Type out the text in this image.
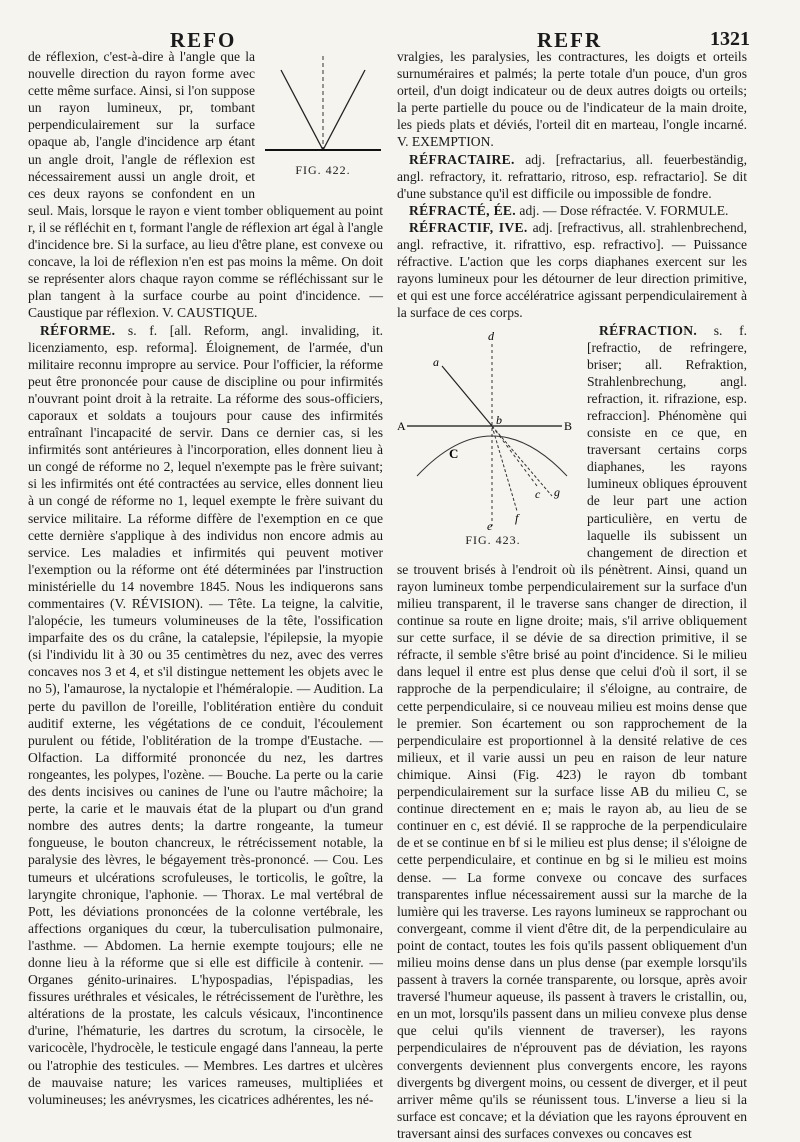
REFO	REFR	1321
FIG. 422.

de réflexion, c'est-à-dire à l'angle que la nouvelle direction du rayon forme avec cette même surface. Ainsi, si l'on suppose un rayon lumineux, pr, tombant perpendiculairement sur la surface opaque ab, l'angle d'incidence arp étant un angle droit, l'angle de réflexion est nécessairement aussi un angle droit, et ces deux rayons se confondent en un seul. Mais, lorsque le rayon e vient tomber obliquement au point r, il se réfléchit en t, formant l'angle de réflexion art égal à l'angle d'incidence bre. Si la surface, au lieu d'être plane, est convexe ou concave, la loi de réflexion n'en est pas moins la même. On doit se représenter alors chaque rayon comme se réfléchissant sur le plan tangent à la surface courbe au point d'incidence. — Caustique par réflexion. V. CAUSTIQUE.

RÉFORME. s. f. [all. Reform, angl. invaliding, it. licenziamento, esp. reforma]. Éloignement, de l'armée, d'un militaire reconnu impropre au service. Pour l'officier, la réforme peut être prononcée pour cause de discipline ou pour infirmités n'ouvrant point droit à la retraite. La réforme des sous-officiers, caporaux et soldats a toujours pour cause des infirmités entraînant l'incapacité de servir. Dans ce dernier cas, si les infirmités sont antérieures à l'incorporation, elles donnent lieu à un congé de réforme no 2, lequel n'exempte pas le frère suivant; si les infirmités ont été contractées au service, elles donnent lieu à un congé de réforme no 1, lequel exempte le frère suivant du service militaire. La réforme diffère de l'exemption en ce que cette dernière s'applique à des individus non encore admis au service. Les maladies et infirmités qui peuvent motiver l'exemption ou la réforme ont été déterminées par l'instruction ministérielle du 14 novembre 1845. Nous les indiquerons sans commentaires (V. RÉVISION). — Tête. La teigne, la calvitie, l'alopécie, les tumeurs volumineuses de la tête, l'ossification imparfaite des os du crâne, la catalepsie, l'épilepsie, la myopie (si l'individu lit à 30 ou 35 centimètres du nez, avec des verres concaves nos 3 et 4, et s'il distingue nettement les objets avec le no 5), l'amaurose, la nyctalopie et l'héméralopie. — Audition. La perte du pavillon de l'oreille, l'oblitération entière du conduit auditif externe, les végétations de ce conduit, l'écoulement purulent ou fétide, l'oblitération de la trompe d'Eustache. — Olfaction. La difformité prononcée du nez, les dartres rongeantes, les polypes, l'ozène. — Bouche. La perte ou la carie des dents incisives ou canines de l'une ou l'autre mâchoire; la perte, la carie et le mauvais état de la plupart ou d'un grand nombre des autres dents; la dartre rongeante, la tumeur fongueuse, le bouton chancreux, le rétrécissement notable, la paralysie des lèvres, le bégayement très-prononcé. — Cou. Les tumeurs et ulcérations scrofuleuses, le torticolis, le goître, la laryngite chronique, l'aphonie. — Thorax. Le mal vertébral de Pott, les déviations prononcées de la colonne vertébrale, les affections organiques du cœur, la tuberculisation pulmonaire, l'asthme. — Abdomen. La hernie exempte toujours; elle ne donne lieu à la réforme que si elle est difficile à contenir. — Organes génito-urinaires. L'hypospadias, l'épispadias, les fissures uréthrales et vésicales, le rétrécissement de l'urèthre, les altérations de la prostate, les calculs vésicaux, l'incontinence d'urine, l'hématurie, les dartres du scrotum, la cirsocèle, le varicocèle, l'hydrocèle, le testicule engagé dans l'anneau, la perte ou l'atrophie des testicules. — Membres. Les dartres et ulcères de mauvaise nature; les varices rameuses, multipliées et volumineuses; les anévrysmes, les cicatrices adhérentes, les né-

vralgies, les paralysies, les contractures, les doigts et orteils surnuméraires et palmés; la perte totale d'un pouce, d'un gros orteil, d'un doigt indicateur ou de deux autres doigts ou orteils; la perte partielle du pouce ou de l'indicateur de la main droite, les pieds plats et déviés, l'orteil dit en marteau, l'ongle incarné. V. EXEMPTION.

RÉFRACTAIRE. adj. [refractarius, all. feuerbeständig, angl. refractory, it. refrattario, ritroso, esp. refractario]. Se dit d'une substance qu'il est difficile ou impossible de fondre.

RÉFRACTÉ, ÉE. adj. — Dose réfractée. V. FORMULE.

RÉFRACTIF, IVE. adj. [refractivus, all. strahlenbrechend, angl. refractive, it. rifrattivo, esp. refractivo]. — Puissance réfractive. L'action que les corps diaphanes exercent sur les rayons lumineux pour les détourner de leur direction primitive, et qui est une force accélératrice agissant perpendiculairement à la surface de ces corps.

RÉFRACTION.
d
a
A	b	B
C
c g
f
e
FIG. 423.
s. f. [refractio, de refringere, briser; all. Refraktion, Strahlenbrechung, angl. refraction, it. rifrazione, esp. refraccion]. Phénomène qui consiste en ce que, en traversant certains corps diaphanes, les rayons lumineux obliques éprouvent de leur part une action particulière, en vertu de laquelle ils subissent un changement de direction et se trouvent brisés à l'endroit où ils pénètrent. Ainsi, quand un rayon lumineux tombe perpendiculairement sur la surface d'un milieu transparent, il le traverse sans changer de direction, il continue sa route en ligne droite; mais, s'il arrive obliquement sur cette surface, il se dévie de sa direction primitive, il se réfracte, il semble s'être brisé au point d'incidence. Si le milieu dans lequel il entre est plus dense que celui d'où il sort, il se rapproche de la perpendiculaire; il s'éloigne, au contraire, de cette perpendiculaire, si ce nouveau milieu est moins dense que le premier. Son écartement ou son rapprochement de la perpendiculaire est proportionnel à la densité relative de ces milieux, et il varie aussi un peu en raison de leur nature chimique. Ainsi (Fig. 423) le rayon db tombant perpendiculairement sur la surface lisse AB du milieu C, se continue directement en e; mais le rayon ab, au lieu de se continuer en c, est dévié. Il se rapproche de la perpendiculaire de et se continue en bf si le milieu est plus dense; il s'éloigne de cette perpendiculaire, et continue en bg si le milieu est moins dense. — La forme convexe ou concave des surfaces transparentes influe nécessairement aussi sur la marche de la lumière qui les traverse. Les rayons lumineux se rapprochant ou convergeant, comme il vient d'être dit, de la perpendiculaire au point de contact, toutes les fois qu'ils passent obliquement d'un milieu moins dense dans un plus dense (par exemple lorsqu'ils passent à travers la cornée transparente, ou lorsque, après avoir traversé l'humeur aqueuse, ils passent à travers le cristallin, ou, en un mot, lorsqu'ils passent dans un milieu convexe plus dense que celui qu'ils viennent de traverser), les rayons perpendiculaires de n'éprouvent pas de déviation, les rayons convergents deviennent plus convergents encore, les rayons divergents bg divergent moins, ou cessent de diverger, et il peut arriver même qu'ils se réunissent tous. L'inverse a lieu si la surface est concave; et la déviation que les rayons éprouvent en traversant ainsi des surfaces convexes ou concaves est
